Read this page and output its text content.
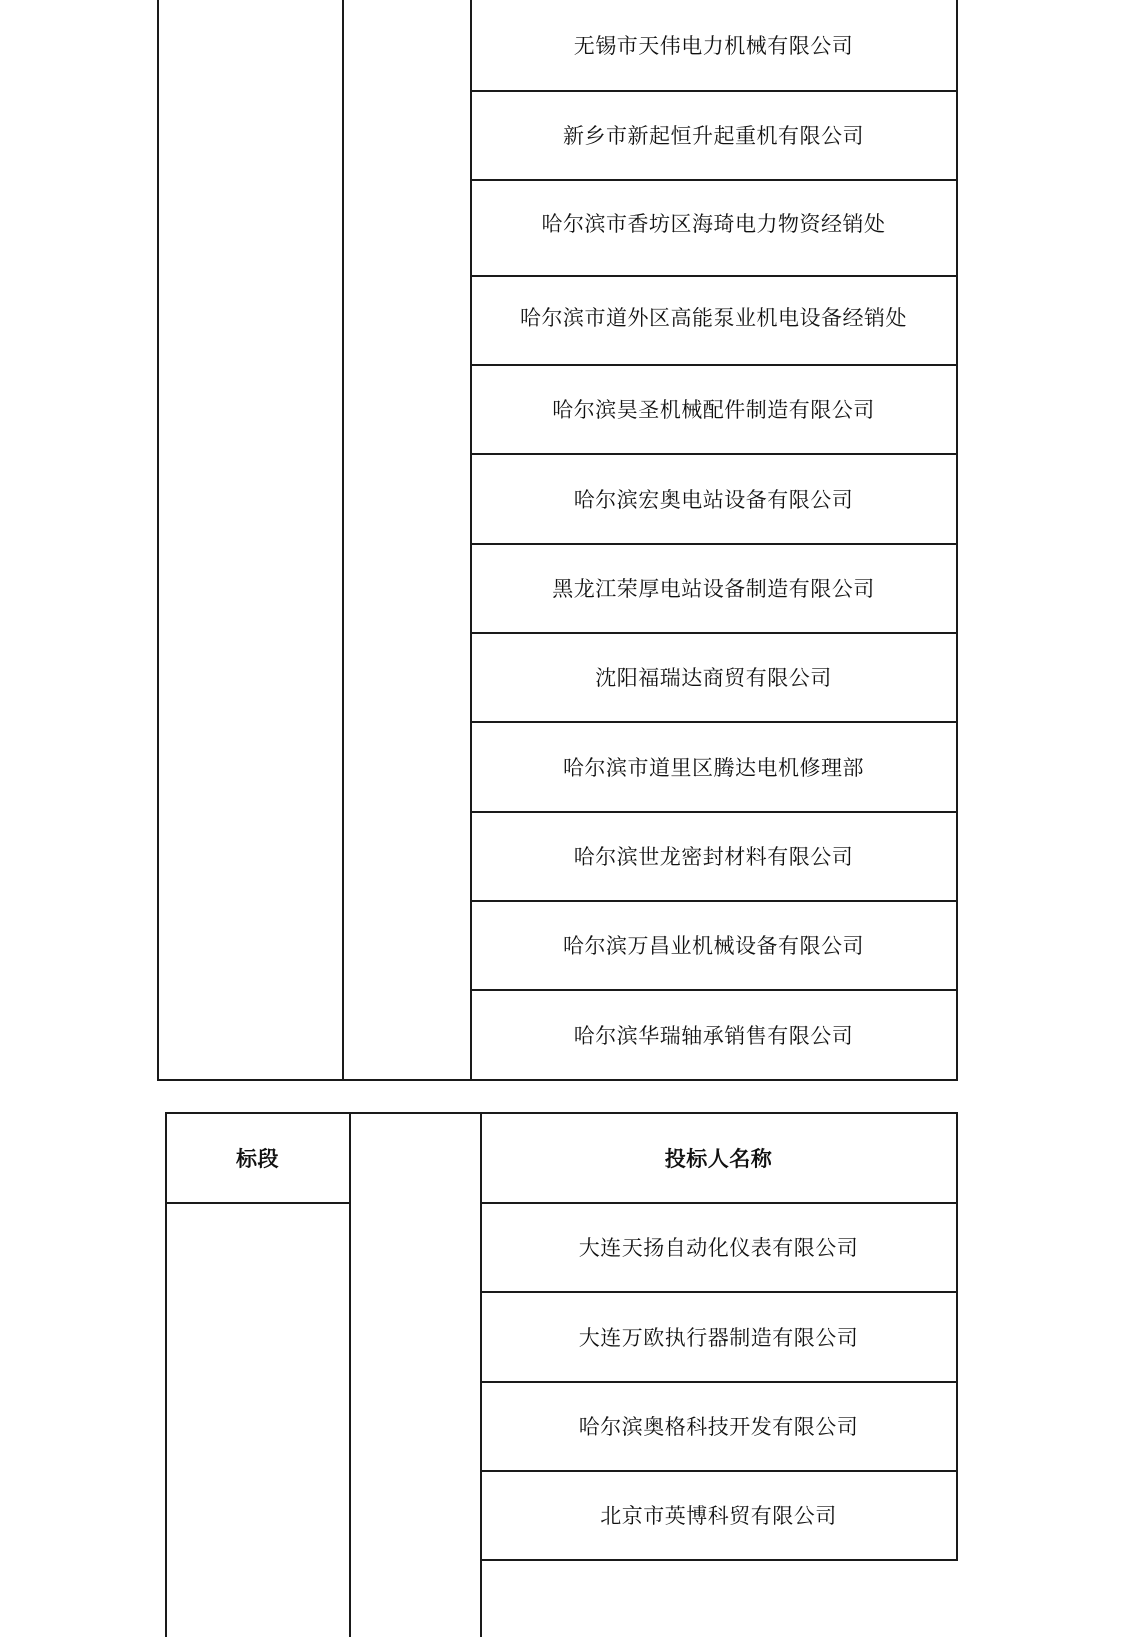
无锡市天伟电力机械有限公司
新乡市新起恒升起重机有限公司
哈尔滨市香坊区海琦电力物资经销处
哈尔滨市道外区高能泵业机电设备经销处
哈尔滨昊圣机械配件制造有限公司
哈尔滨宏奥电站设备有限公司
黑龙江荣厚电站设备制造有限公司
沈阳福瑞达商贸有限公司
哈尔滨市道里区腾达电机修理部
哈尔滨世龙密封材料有限公司
哈尔滨万昌业机械设备有限公司
哈尔滨华瑞轴承销售有限公司
标段	投标人名称
大连天扬自动化仪表有限公司
大连万欧执行器制造有限公司
哈尔滨奥格科技开发有限公司
北京市英博科贸有限公司
